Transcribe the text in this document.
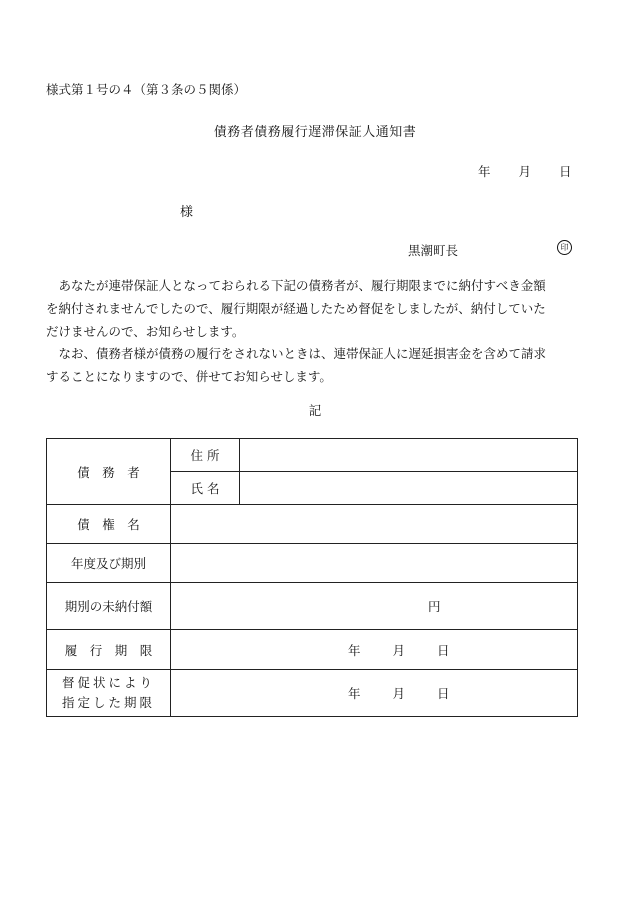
様式第１号の４（第３条の５関係）
債務者債務履行遅滞保証人通知書
年 月 日
様
黒潮町長	印
　あなたが連帯保証人となっておられる下記の債務者が、履行期限までに納付すべき金額
を納付されませんでしたので、履行期限が経過したため督促をしましたが、納付していた
だけませんので、お知らせします。
　なお、債務者様が債務の履行をされないときは、連帯保証人に遅延損害金を含めて請求
することになりますので、併せてお知らせします。
記
債　務　者	住 所	
	氏 名	
債　権　名		
年度及び期別		
期別の未納付額	円	
履　行　期　限	年 月 日	

督促状により
指定した期限	年 月 日	
